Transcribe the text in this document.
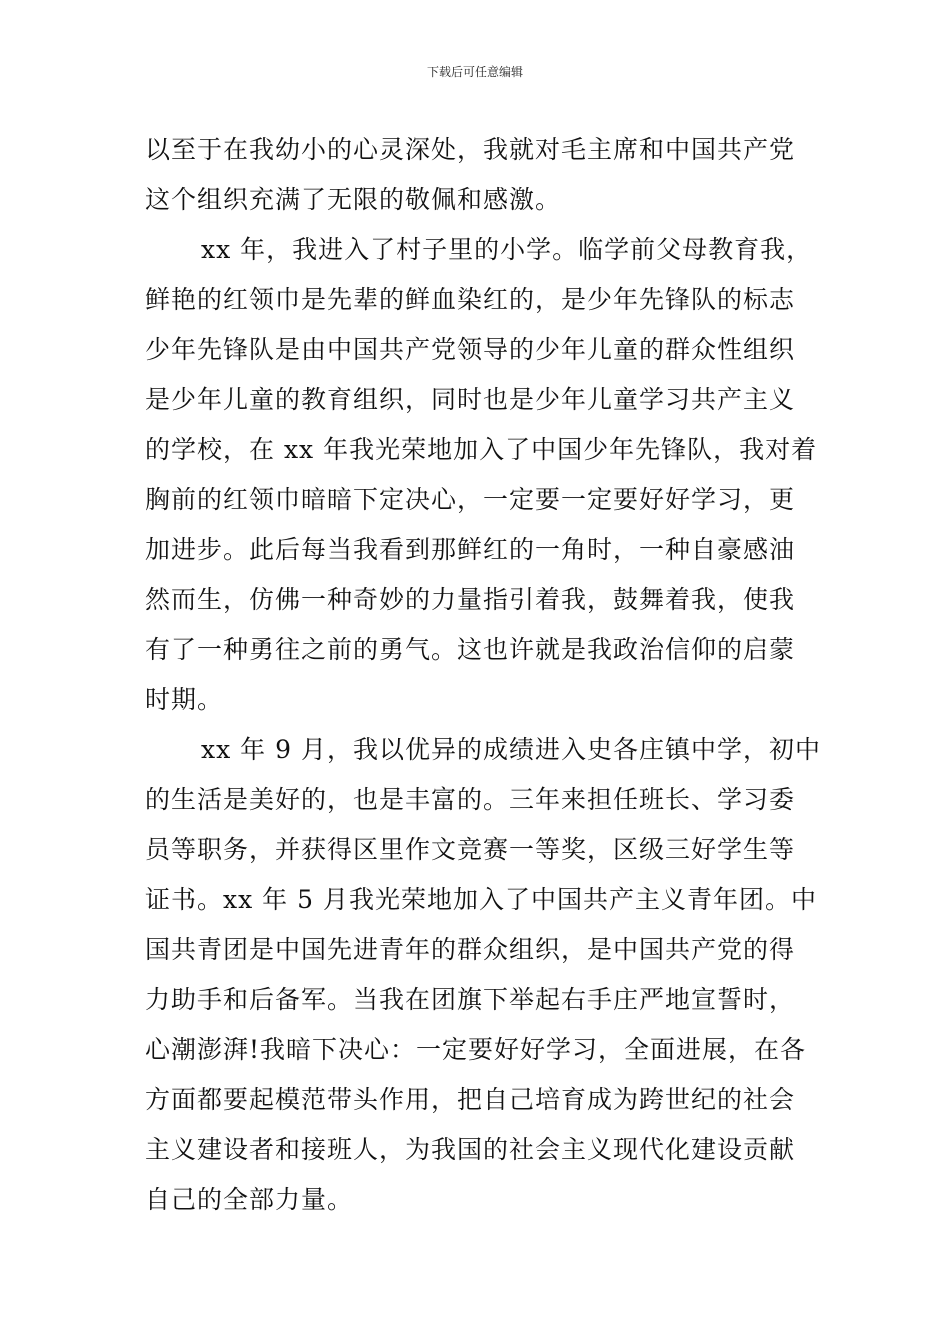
下载后可任意编辑
以至于在我幼小的心灵深处，我就对毛主席和中国共产党
这个组织充满了无限的敬佩和感激。
xx 年，我进入了村子里的小学。临学前父母教育我，
鲜艳的红领巾是先辈的鲜血染红的，是少年先锋队的标志
少年先锋队是由中国共产党领导的少年儿童的群众性组织
是少年儿童的教育组织，同时也是少年儿童学习共产主义
的学校，在 xx 年我光荣地加入了中国少年先锋队，我对着
胸前的红领巾暗暗下定决心，一定要一定要好好学习，更
加进步。此后每当我看到那鲜红的一角时，一种自豪感油
然而生，仿佛一种奇妙的力量指引着我，鼓舞着我，使我
有了一种勇往之前的勇气。这也许就是我政治信仰的启蒙
时期。
xx 年 9 月，我以优异的成绩进入史各庄镇中学，初中
的生活是美好的，也是丰富的。三年来担任班长、学习委
员等职务，并获得区里作文竞赛一等奖，区级三好学生等
证书。xx 年 5 月我光荣地加入了中国共产主义青年团。中
国共青团是中国先进青年的群众组织，是中国共产党的得
力助手和后备军。当我在团旗下举起右手庄严地宣誓时，
心潮澎湃!我暗下决心：一定要好好学习，全面进展，在各
方面都要起模范带头作用，把自己培育成为跨世纪的社会
主义建设者和接班人，为我国的社会主义现代化建设贡献
自己的全部力量。
